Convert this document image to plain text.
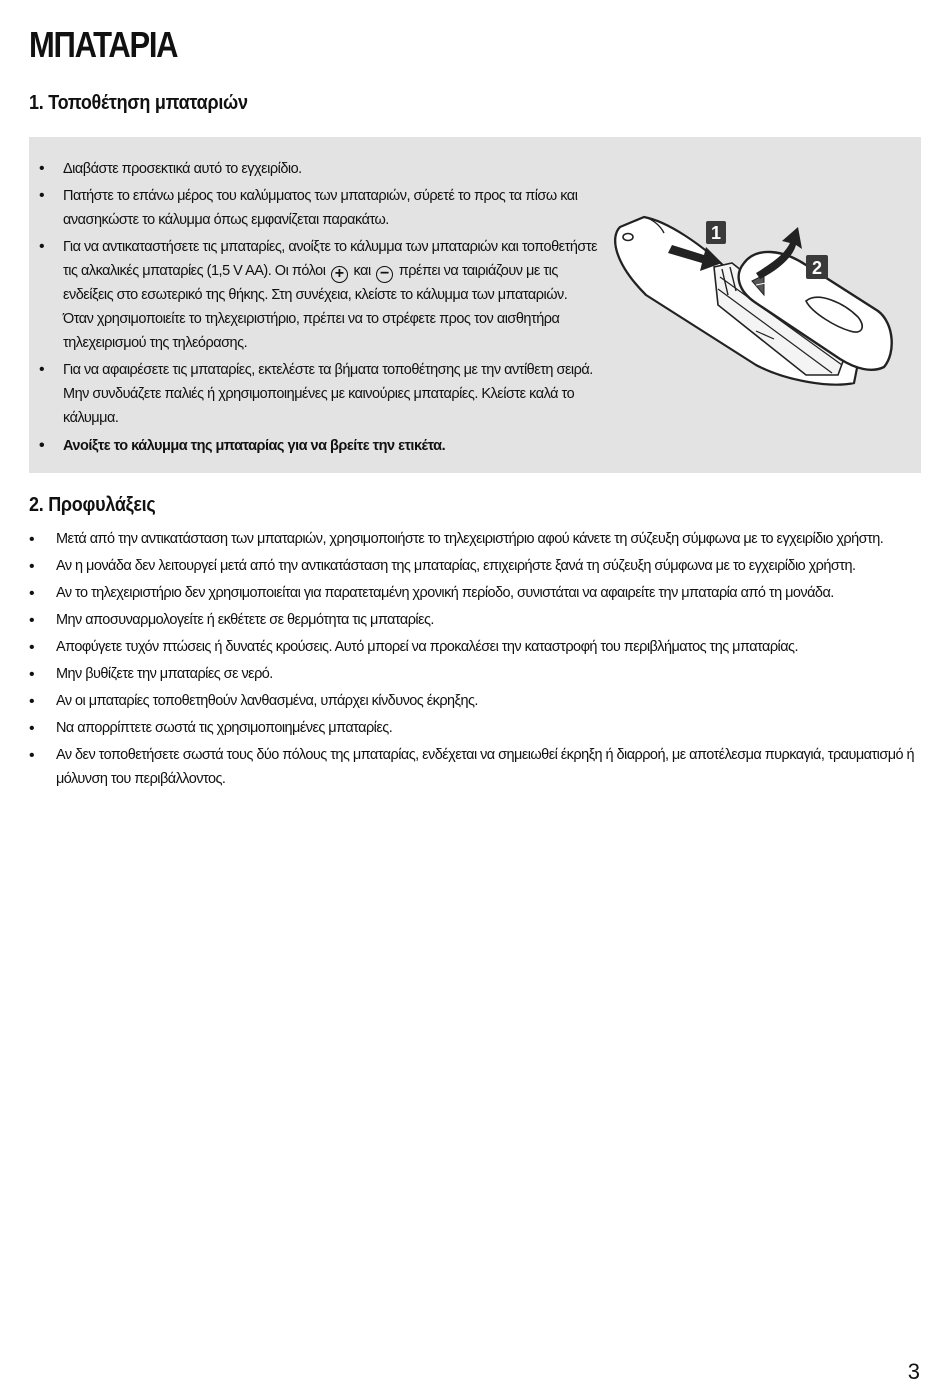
ΜΠΑΤΑΡΙΑ
1. Τοποθέτηση μπαταριών
• Διαβάστε προσεκτικά αυτό το εγχειρίδιο.
• Πατήστε το επάνω μέρος του καλύμματος των μπαταριών, σύρετέ το προς τα πίσω και ανασηκώστε το κάλυμμα όπως εμφανίζεται παρακάτω.
• Για να αντικαταστήσετε τις μπαταρίες, ανοίξτε το κάλυμμα των μπαταριών και τοποθετήστε τις αλκαλικές μπαταρίες (1,5 V AA). Οι πόλοι + και − πρέπει να ταιριάζουν με τις ενδείξεις στο εσωτερικό της θήκης. Στη συνέχεια, κλείστε το κάλυμμα των μπαταριών. Όταν χρησιμοποιείτε το τηλεχειριστήριο, πρέπει να το στρέφετε προς τον αισθητήρα τηλεχειρισμού της τηλεόρασης.
• Για να αφαιρέσετε τις μπαταρίες, εκτελέστε τα βήματα τοποθέτησης με την αντίθετη σειρά. Μην συνδυάζετε παλιές ή χρησιμοποιημένες με καινούριες μπαταρίες. Κλείστε καλά το κάλυμμα.
• Ανοίξτε το κάλυμμα της μπαταρίας για να βρείτε την ετικέτα.
1
2
2. Προφυλάξεις
• Μετά από την αντικατάσταση των μπαταριών, χρησιμοποιήστε το τηλεχειριστήριο αφού κάνετε τη σύζευξη σύμφωνα με το εγχειρίδιο χρήστη.
• Αν η μονάδα δεν λειτουργεί μετά από την αντικατάσταση της μπαταρίας, επιχειρήστε ξανά τη σύζευξη σύμφωνα με το εγχειρίδιο χρήστη.
• Αν το τηλεχειριστήριο δεν χρησιμοποιείται για παρατεταμένη χρονική περίοδο, συνιστάται να αφαιρείτε την μπαταρία από τη μονάδα.
• Μην αποσυναρμολογείτε ή εκθέτετε σε θερμότητα τις μπαταρίες.
• Αποφύγετε τυχόν πτώσεις ή δυνατές κρούσεις. Αυτό μπορεί να προκαλέσει την καταστροφή του περιβλήματος της μπαταρίας.
• Μην βυθίζετε την μπαταρίες σε νερό.
• Αν οι μπαταρίες τοποθετηθούν λανθασμένα, υπάρχει κίνδυνος έκρηξης.
• Να απορρίπτετε σωστά τις χρησιμοποιημένες μπαταρίες.
• Αν δεν τοποθετήσετε σωστά τους δύο πόλους της μπαταρίας, ενδέχεται να σημειωθεί έκρηξη ή διαρροή, με αποτέλεσμα πυρκαγιά, τραυματισμό ή μόλυνση του περιβάλλοντος.
3
